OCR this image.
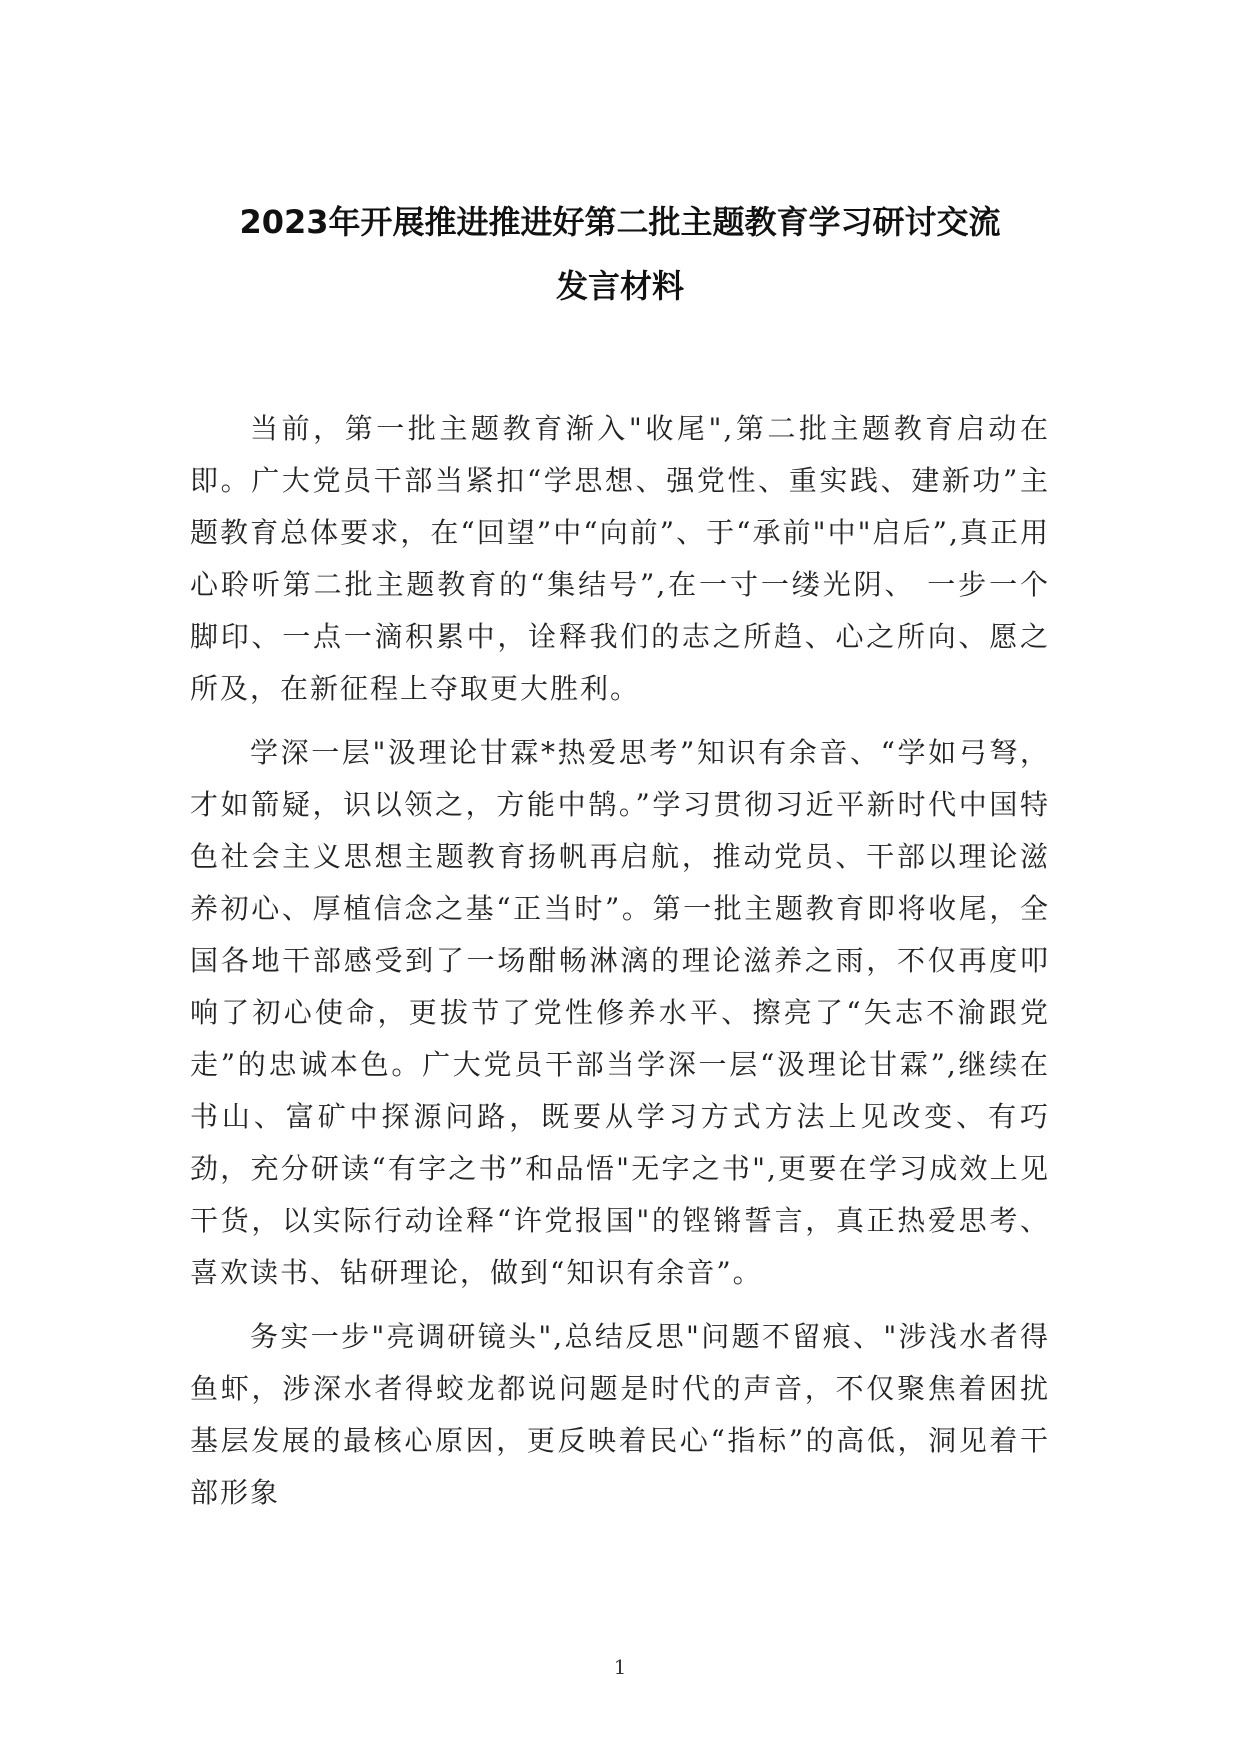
2023年开展推进推进好第二批主题教育学习研讨交流
发言材料

当前，第一批主题教育渐入"收尾",第二批主题教育启动在即。广大党员干部当紧扣“学思想、强党性、重实践、建新功”主题教育总体要求，在“回望”中“向前”、于“承前"中"启后”,真正用心聆听第二批主题教育的“集结号”,在一寸一缕光阴、 一步一个脚印、一点一滴积累中，诠释我们的志之所趋、心之所向、愿之所及，在新征程上夺取更大胜利。

学深一层"汲理论甘霖*热爱思考”知识有余音、“学如弓弩，才如箭疑，识以领之，方能中鹄。”学习贯彻习近平新时代中国特色社会主义思想主题教育扬帆再启航，推动党员、干部以理论滋养初心、厚植信念之基“正当时”。第一批主题教育即将收尾，全国各地干部感受到了一场酣畅淋漓的理论滋养之雨，不仅再度叩响了初心使命，更拔节了党性修养水平、擦亮了“矢志不渝跟党走”的忠诚本色。广大党员干部当学深一层“汲理论甘霖”,继续在书山、富矿中探源问路，既要从学习方式方法上见改变、有巧劲，充分研读“有字之书”和品悟"无字之书",更要在学习成效上见干货，以实际行动诠释“许党报国"的铿锵誓言，真正热爱思考、喜欢读书、钻研理论，做到“知识有余音”。

务实一步"亮调研镜头",总结反思"问题不留痕、"涉浅水者得鱼虾，涉深水者得蛟龙都说问题是时代的声音，不仅聚焦着困扰基层发展的最核心原因，更反映着民心“指标”的高低，洞见着干部形象

1
